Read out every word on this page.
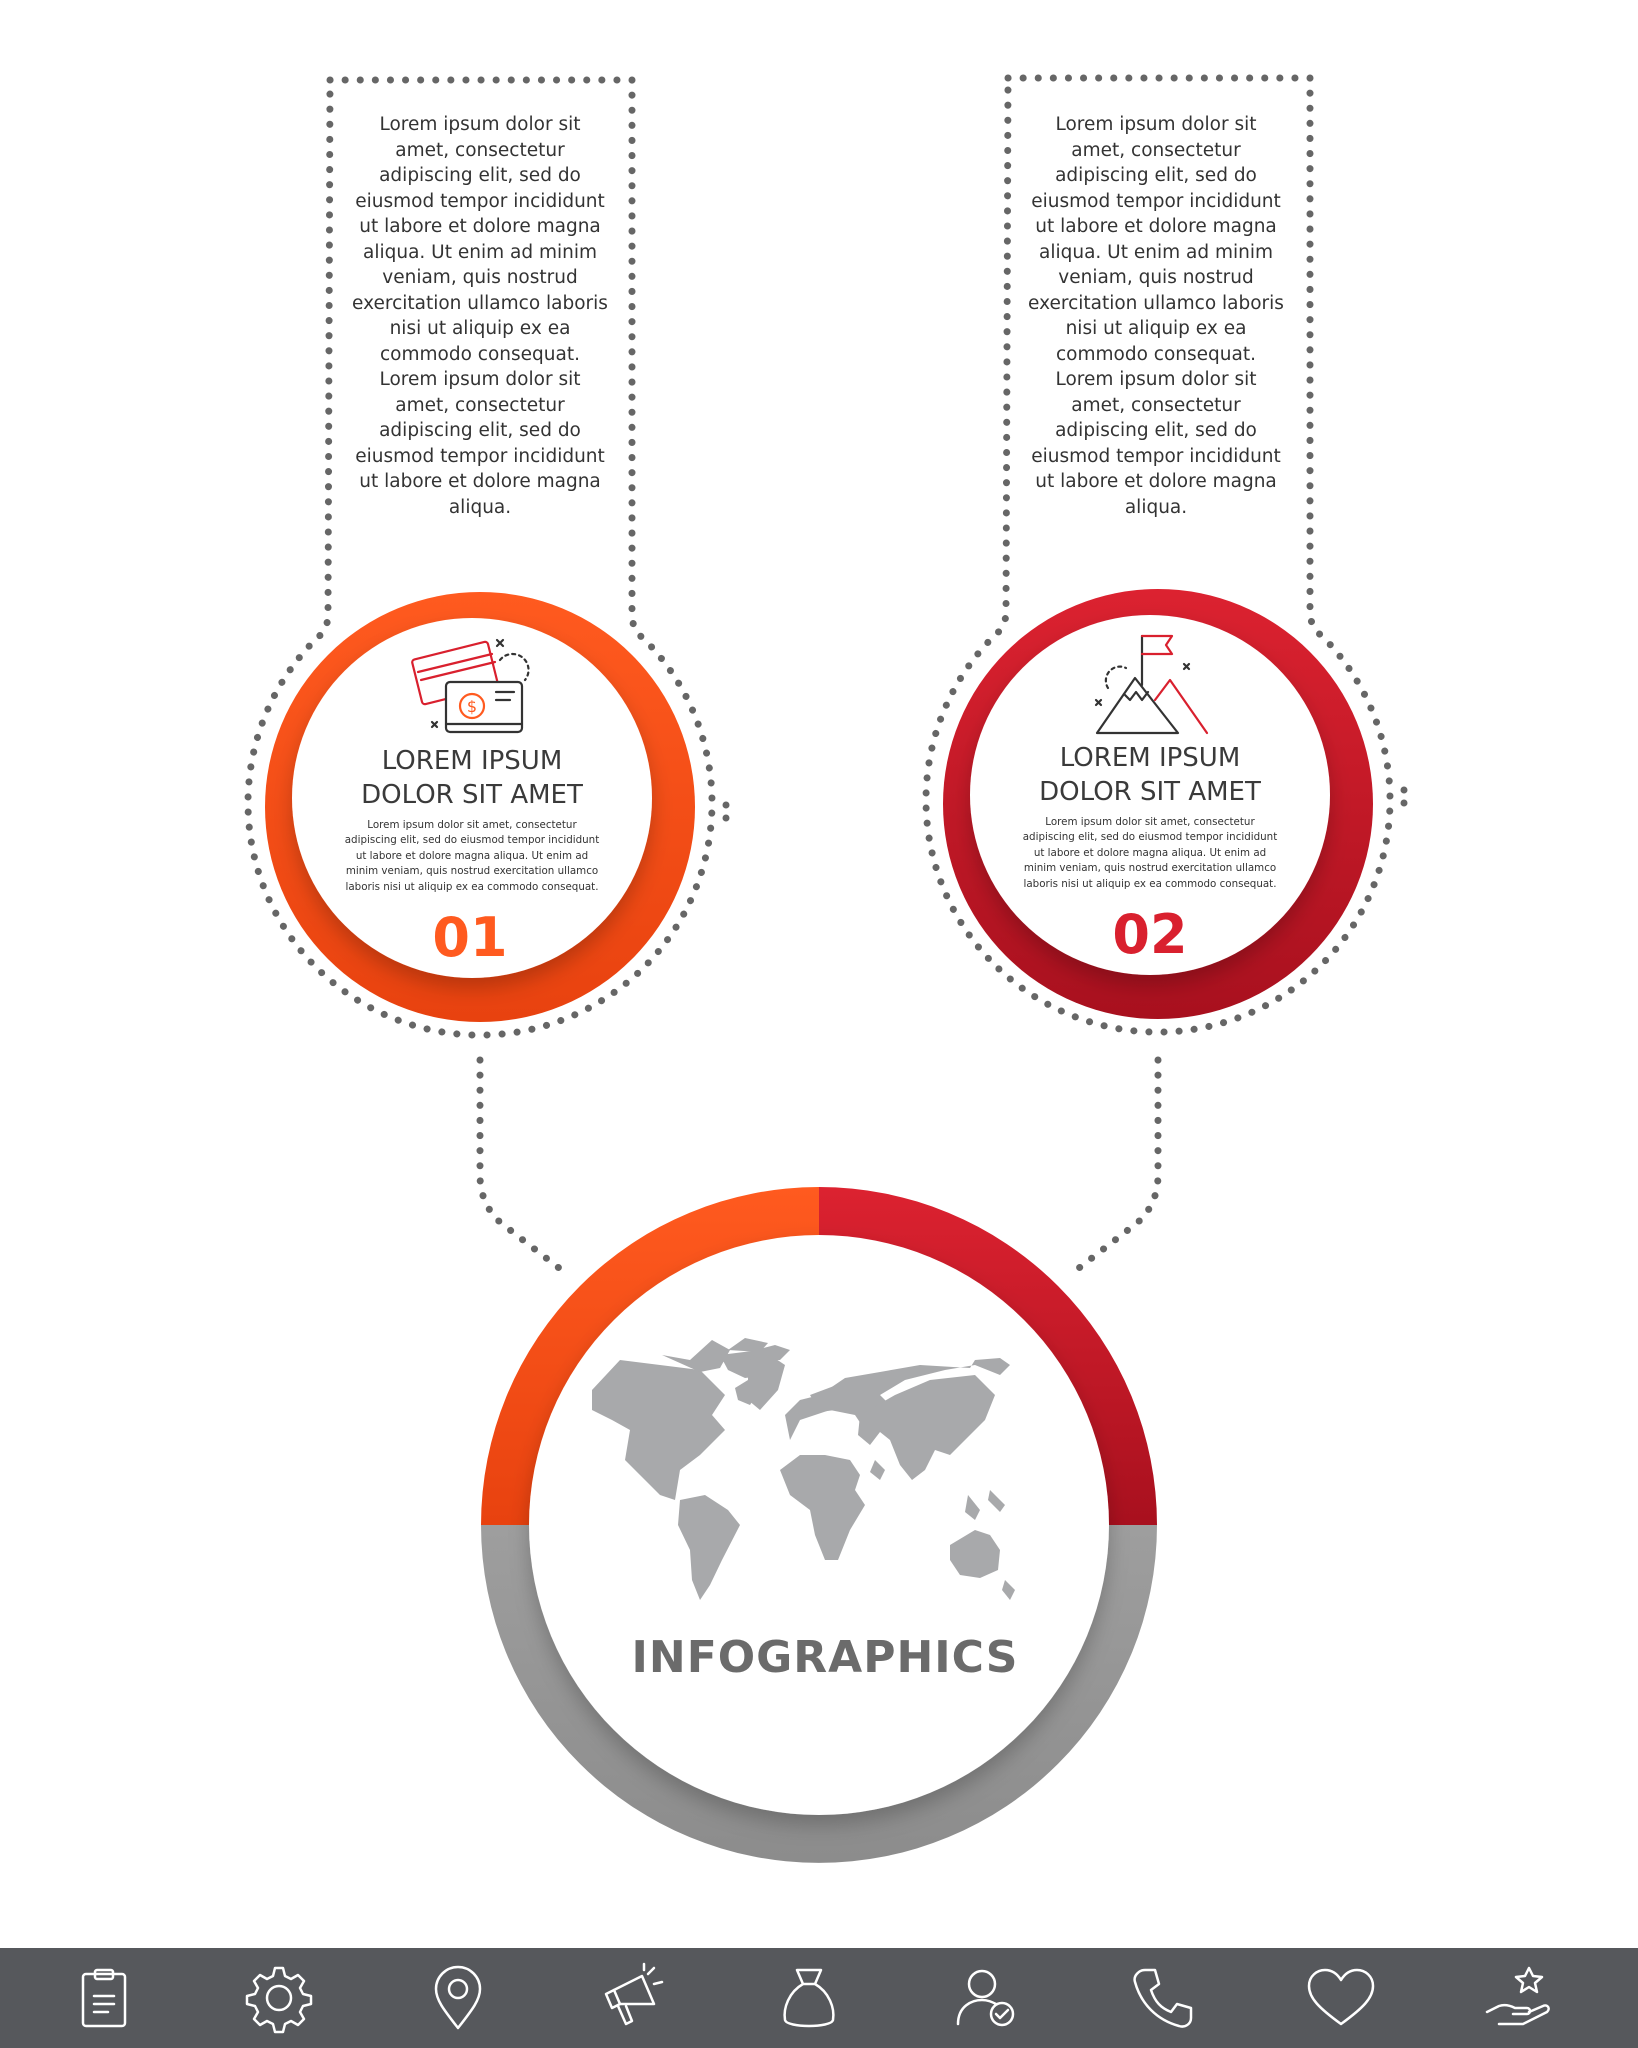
$
Lorem ipsum dolor sit
amet, consectetur
adipiscing elit, sed do
eiusmod tempor incididunt
ut labore et dolore magna
aliqua. Ut enim ad minim
veniam, quis nostrud
exercitation ullamco laboris
nisi ut aliquip ex ea
commodo consequat.
Lorem ipsum dolor sit
amet, consectetur
adipiscing elit, sed do
eiusmod tempor incididunt
ut labore et dolore magna
aliqua.
Lorem ipsum dolor sit
amet, consectetur
adipiscing elit, sed do
eiusmod tempor incididunt
ut labore et dolore magna
aliqua. Ut enim ad minim
veniam, quis nostrud
exercitation ullamco laboris
nisi ut aliquip ex ea
commodo consequat.
Lorem ipsum dolor sit
amet, consectetur
adipiscing elit, sed do
eiusmod tempor incididunt
ut labore et dolore magna
aliqua.
LOREM IPSUM
DOLOR SIT AMET
LOREM IPSUM
DOLOR SIT AMET
Lorem ipsum dolor sit amet, consectetur
adipiscing elit, sed do eiusmod tempor incididunt
ut labore et dolore magna aliqua. Ut enim ad
minim veniam, quis nostrud exercitation ullamco
laboris nisi ut aliquip ex ea commodo consequat.
Lorem ipsum dolor sit amet, consectetur
adipiscing elit, sed do eiusmod tempor incididunt
ut labore et dolore magna aliqua. Ut enim ad
minim veniam, quis nostrud exercitation ullamco
laboris nisi ut aliquip ex ea commodo consequat.
01	02
INFOGRAPHICS
